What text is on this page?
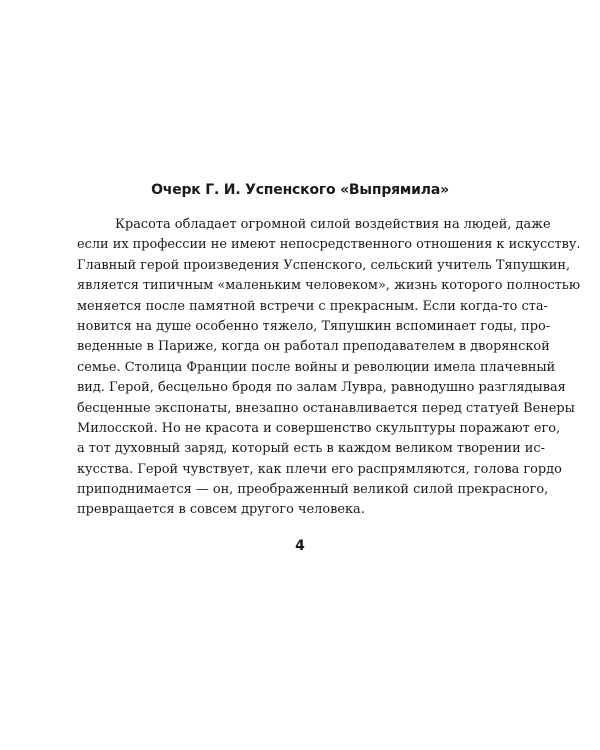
Очерк Г. И. Успенского «Выпрямила»
Красота обладает огромной силой воздействия на людей, даже
если их профессии не имеют непосредственного отношения к искусству.
Главный герой произведения Успенского, сельский учитель Тяпушкин,
является типичным «маленьким человеком», жизнь которого полностью
меняется после памятной встречи с прекрасным. Если когда-то ста-
новится на душе особенно тяжело, Тяпушкин вспоминает годы, про-
веденные в Париже, когда он работал преподавателем в дворянской
семье. Столица Франции после войны и революции имела плачевный
вид. Герой, бесцельно бродя по залам Лувра, равнодушно разглядывая
бесценные экспонаты, внезапно останавливается перед статуей Венеры
Милосской. Но не красота и совершенство скульптуры поражают его,
а тот духовный заряд, который есть в каждом великом творении ис-
кусства. Герой чувствует, как плечи его распрямляются, голова гордо
приподнимается — он, преображенный великой силой прекрасного,
превращается в совсем другого человека.
4
